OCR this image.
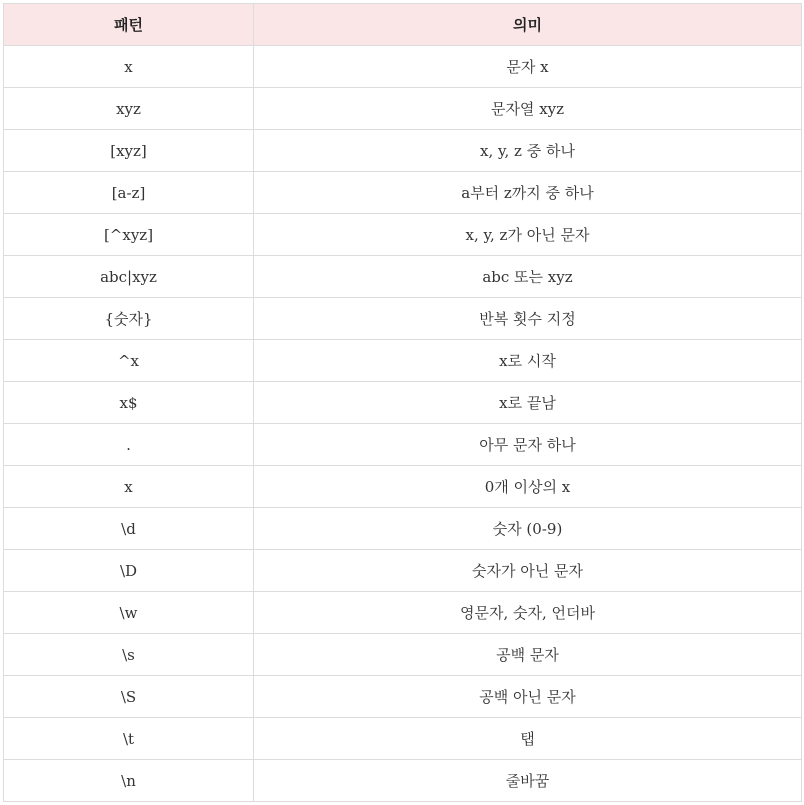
패턴	의미
x	문자 x
xyz	문자열 xyz
[xyz]	x, y, z 중 하나
[a-z]	a부터 z까지 중 하나
[^xyz]	x, y, z가 아닌 문자
abc|xyz	abc 또는 xyz
{숫자}	반복 횟수 지정
^x	x로 시작
x$	x로 끝남
.	아무 문자 하나
x	0개 이상의 x
\d	숫자 (0-9)
\D	숫자가 아닌 문자
\w	영문자, 숫자, 언더바
\s	공백 문자
\S	공백 아닌 문자
\t	탭
\n	줄바꿈
